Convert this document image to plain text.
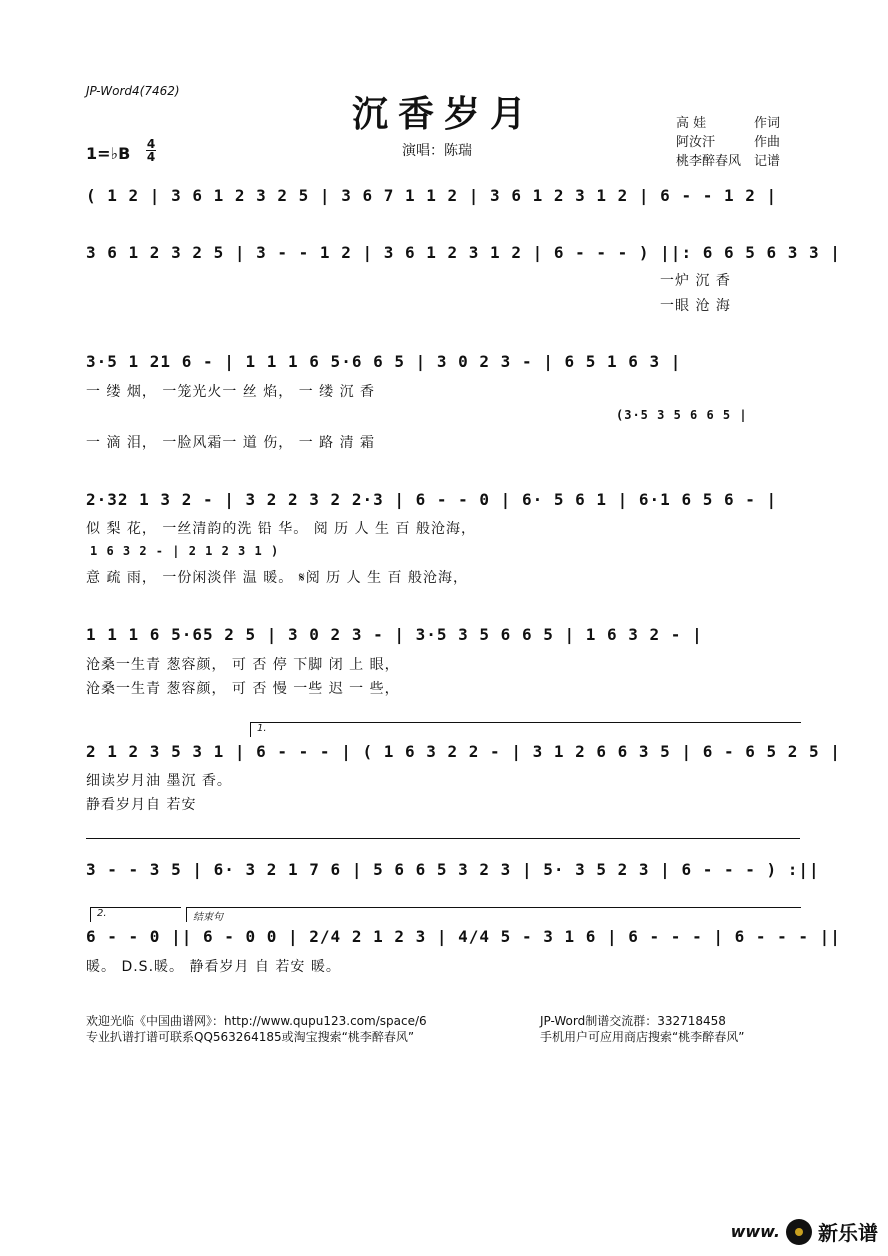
JP-Word4(7462)
沉香岁月	高 娃	作词
阿汝汗	作曲
桃李醉春风 记谱
1=♭B 4
4	演唱：陈瑞
( 1 2 | 3 6 1 2 3 2 5 | 3 6 7 1 1 2 | 3 6 1 2 3 1 2 | 6 - - 1 2 |
3 6 1 2 3 2 5 | 3 - - 1 2 | 3 6 1 2 3 1 2 | 6 - - - ) ||: 6 6 5 6 3 3 |
一炉 沉 香
一眼 沧 海
3·5 1 21 6 - | 1 1 1 6 5·6 6 5 | 3 0 2 3 - | 6 5 1 6 3 |
一 缕 烟， 一笼光火一 丝 焰， 一 缕 沉 香
(3·5 3 5 6 6 5 |
一 滴 泪， 一脸风霜一 道 伤， 一 路 清 霜
2·32 1 3 2 - | 3 2 2 3 2 2·3 | 6 - - 0 | 6· 5 6 1 | 6·1 6 5 6 - |
似 梨 花， 一丝清韵的洗 铅 华。 阅 历 人 生 百 般沧海，
1 6 3 2 - | 2 1 2 3 1 )
意 疏 雨， 一份闲淡伴 温 暖。 𝄋阅 历 人 生 百 般沧海，
1 1 1 6 5·65 2 5 | 3 0 2 3 - | 3·5 3 5 6 6 5 | 1 6 3 2 - |
沧桑一生青 葱容颜， 可 否 停 下脚 闭 上 眼，
沧桑一生青 葱容颜， 可 否 慢 一些 迟 一 些，
1.
2 1 2 3 5 3 1 | 6 - - - | ( 1 6 3 2 2 - | 3 1 2 6 6 3 5 | 6 - 6 5 2 5 |
细读岁月油 墨沉 香。
静看岁月自 若安
3 - - 3 5 | 6· 3 2 1 7 6 | 5 6 6 5 3 2 3 | 5· 3 5 2 3 | 6 - - - ) :||
2.	结束句
6 - - 0 || 6 - 0 0 | 2/4 2 1 2 3 | 4/4 5 - 3 1 6 | 6 - - - | 6 - - - ||
暖。 D.S.暖。 静看岁月 自 若安 暖。
欢迎光临《中国曲谱网》：http://www.qupu123.com/space/6
专业扒谱打谱可联系QQ563264185或淘宝搜索“桃李醉春风”
JP-Word制谱交流群：332718458
手机用户可应用商店搜索“桃李醉春风”
www. 新乐谱
